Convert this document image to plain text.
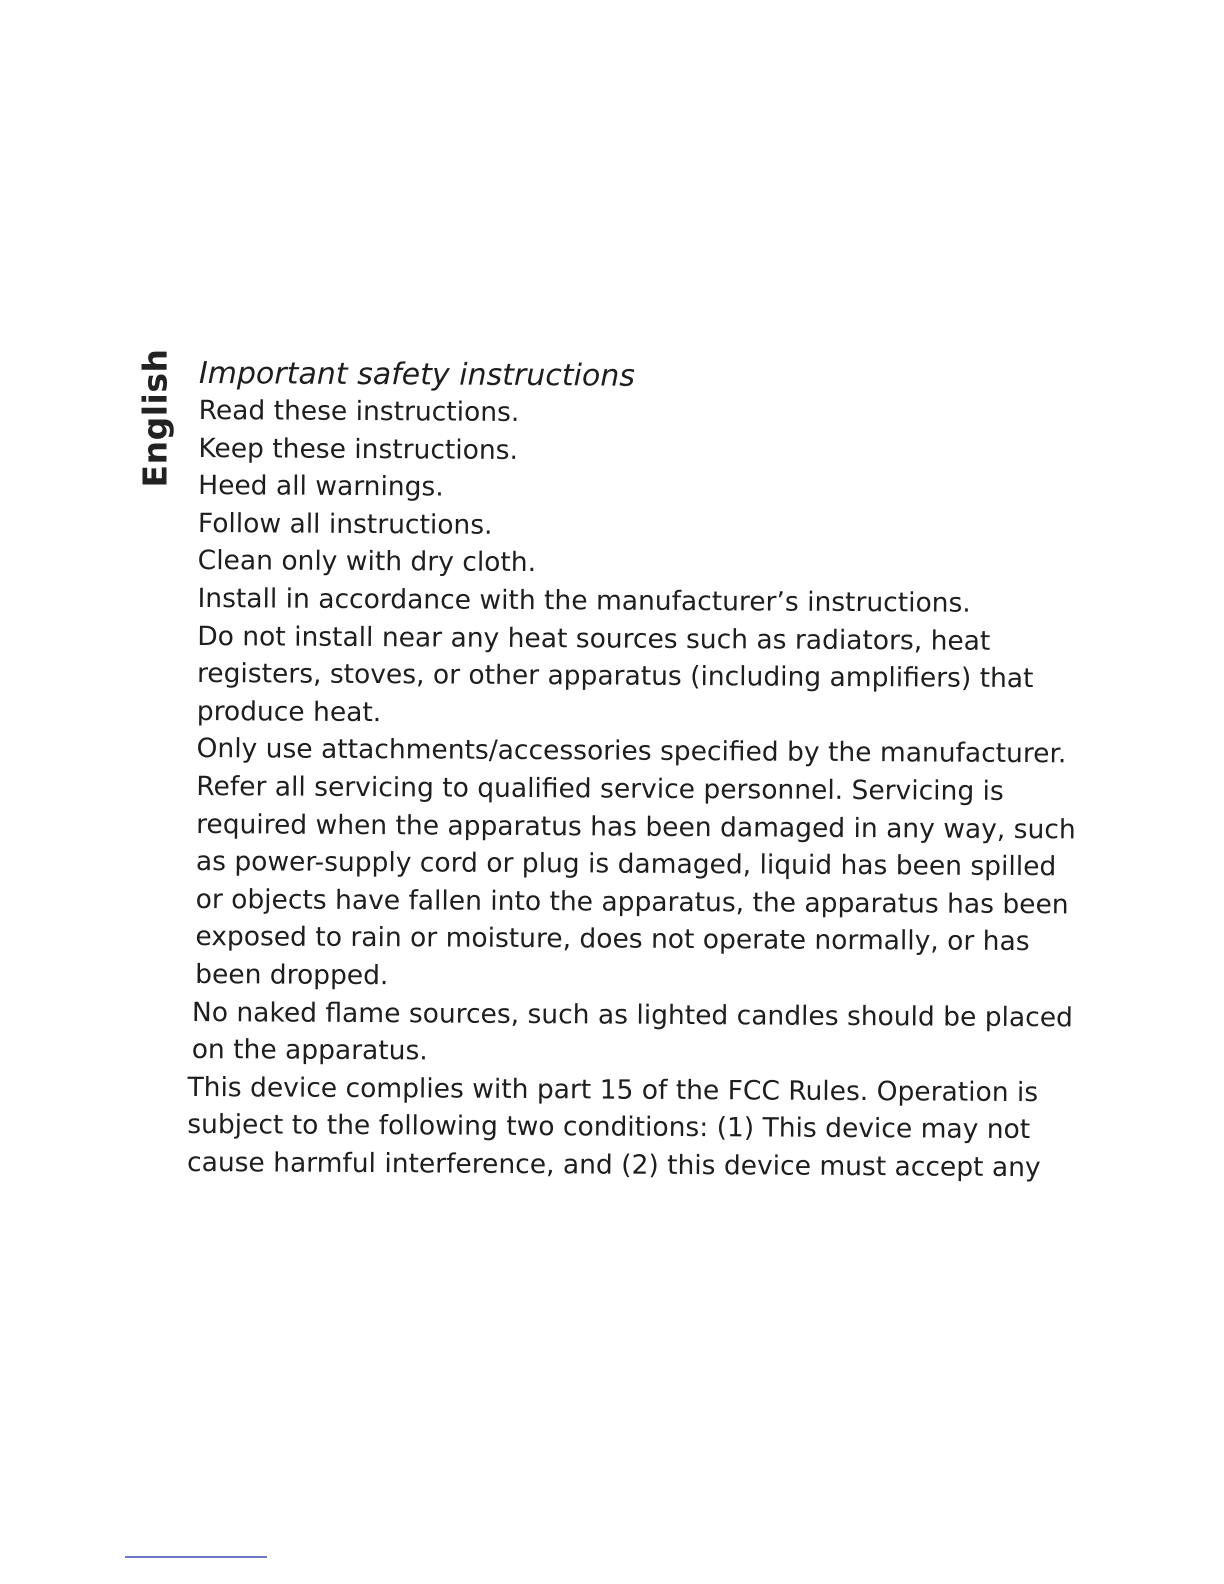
English Important safety instructions

Read these instructions.

Keep these instructions.

Heed all warnings.

Follow all instructions.

Clean only with dry cloth.

Install in accordance with the manufacturer’s instructions.

Do not install near any heat sources such as radiators, heat
registers, stoves, or other apparatus (including amplifiers) that
produce heat.

Only use attachments/accessories specified by the manufacturer.

Refer all servicing to qualified service personnel. Servicing is
required when the apparatus has been damaged in any way, such
as power-supply cord or plug is damaged, liquid has been spilled
or objects have fallen into the apparatus, the apparatus has been
exposed to rain or moisture, does not operate normally, or has
been dropped.

No naked flame sources, such as lighted candles should be placed
on the apparatus.

This device complies with part 15 of the FCC Rules. Operation is
subject to the following two conditions: (1) This device may not
cause harmful interference, and (2) this device must accept any
